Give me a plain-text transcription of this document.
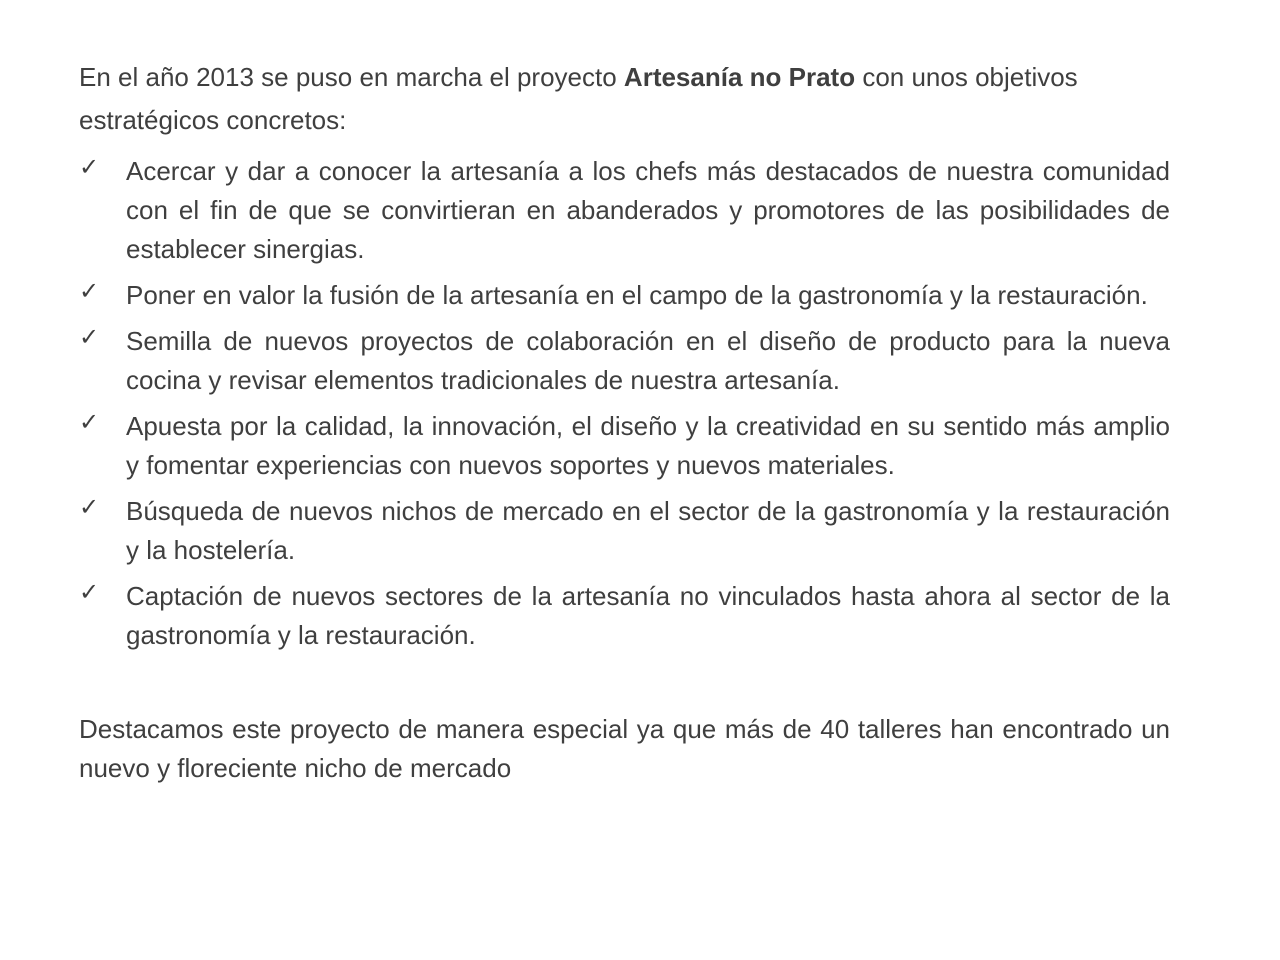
En el año 2013 se puso en marcha el proyecto Artesanía no Prato con unos objetivos estratégicos concretos:

✓ Acercar y dar a conocer la artesanía a los chefs más destacados de nuestra comunidad con el fin de que se convirtieran en abanderados y promotores de las posibilidades de establecer sinergias.
✓ Poner en valor la fusión de la artesanía en el campo de la gastronomía y la restauración.
✓ Semilla de nuevos proyectos de colaboración en el diseño de producto para la nueva cocina y revisar elementos tradicionales de nuestra artesanía.
✓ Apuesta por la calidad, la innovación, el diseño y la creatividad en su sentido más amplio y fomentar experiencias con nuevos soportes y nuevos materiales.
✓ Búsqueda de nuevos nichos de mercado en el sector de la gastronomía y la restauración y la hostelería.
✓ Captación de nuevos sectores de la artesanía no vinculados hasta ahora al sector de la gastronomía y la restauración.

Destacamos este proyecto de manera especial ya que más de 40 talleres han encontrado un nuevo y floreciente nicho de mercado
